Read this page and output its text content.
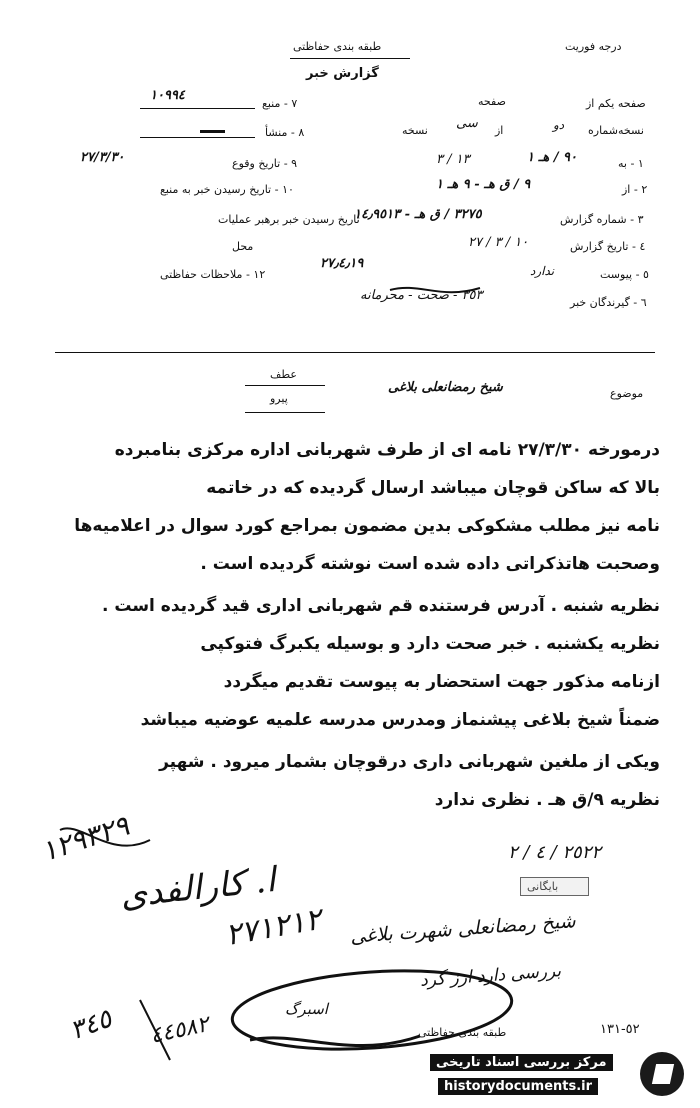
درجه فوریت
طبقه بندی حفاظتی
گزارش خبر
صفحه یکم از
صفحه
نسخه‌شماره
دو
از
سی
نسخه
١ - به
٩٠ / هـ ١
١٣ / ٣
٢ - از
٩ / ق هـ - ٩ هـ ١
٣ - شماره گزارش
٣٢٧٥ / ق هـ - ١٤٫٩٥١٣
تاریخ رسیدن خبر برهبر عملیات
٤ - تاریخ گزارش
١٠ / ٣ / ٢٧
٢٧٫٤٫١٩
٥ - پیوست
ندارد
٦ - گیرندگان خبر
٣٥٣ - صحت - محرمانه
٧ - منبع
١٠٩٩٤
٨ - منشأ
٩ - تاریخ وقوع
٢٧/٣/٣٠
١٠ - تاریخ رسیدن خبر به منبع
محل
١٢ - ملاحظات حفاظتی
موضوع
شیخ رمضانعلی بلاغی
عطف
پیرو
درمورخه ٢٧/٣/٣٠ نامه ای از طرف شهربانی اداره مرکزی بنامبرده
بالا که ساکن قوچان میباشد ارسال گردیده که در خاتمه
نامه نیز مطلب مشکوکی بدین مضمون بمراجع کورد سوال در اعلامیه‌ها
وصحبت هاتذکراتی داده شده است نوشته گردیده است .
نظریه شنبه . آدرس فرستنده قم شهربانی اداری قید گردیده است .
نظریه یکشنبه . خبر صحت دارد و بوسیله یکبرگ فتوکپی
ازنامه مذکور جهت استحضار به پیوست تقدیم میگردد
ضمناً شیخ بلاغی پیشنماز ومدرس مدرسه علمیه عوضیه میباشد
ویکی از ملغین شهربانی داری درقوچان بشمار میرود . شهپر
نظریه ٩/ق هـ . نظری ندارد
١٢٩٣٢٩	٢٥٢٢ / ٤ / ٢
بایگانی
ا. کارالفدی
٢٧١٢١٢ شیخ رمضانعلی شهرت بلاغی
بررسی دارد ارز گرد
اسبرگ
٥٢-١٣١
طبقه بندی حفاظتی
٣٤٥ ٤٤٥٨٢
مرکز بررسی اسناد تاریخی
historydocuments.ir
